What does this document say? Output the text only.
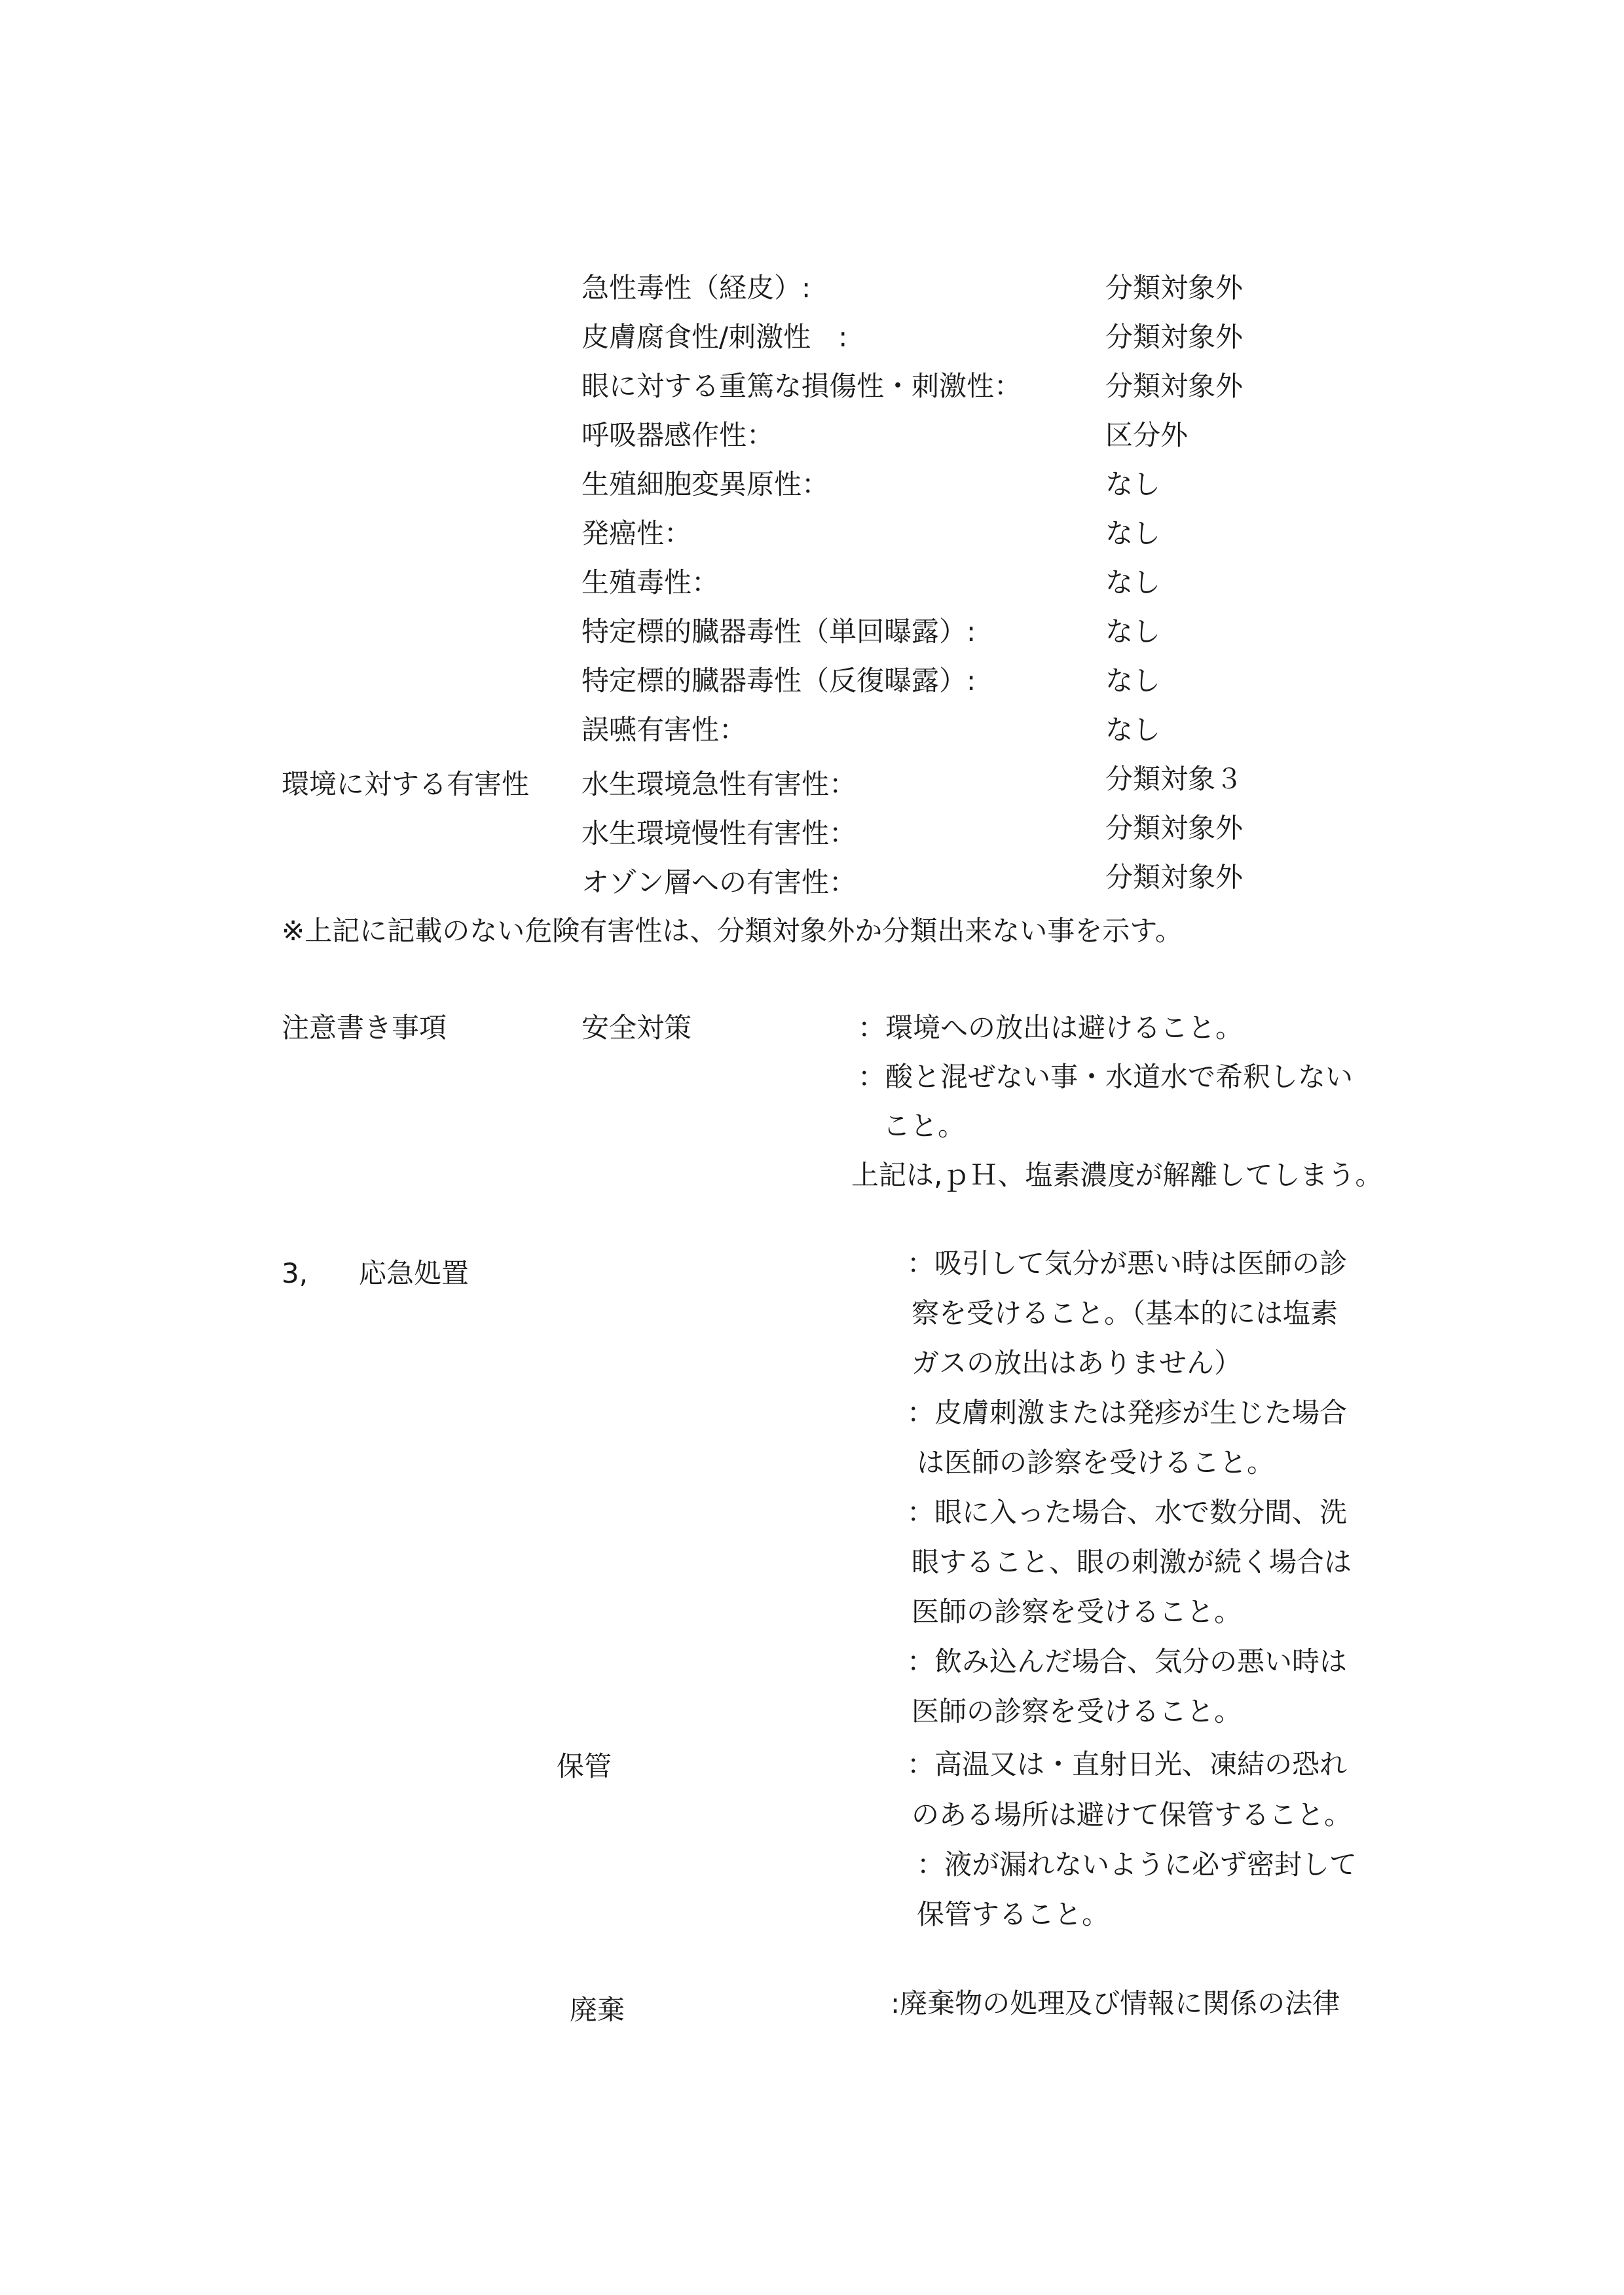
急性毒性（経皮）:	分類対象外
皮膚腐食性/刺激性　:	分類対象外
眼に対する重篤な損傷性・刺激性：	分類対象外
呼吸器感作性：	区分外
生殖細胞変異原性：	なし
発癌性：	なし
生殖毒性：	なし
特定標的臓器毒性（単回曝露）:	なし
特定標的臓器毒性（反復曝露）:	なし
誤嚥有害性：	なし
環境に対する有害性 水生環境急性有害性：	分類対象３
水生環境慢性有害性：	分類対象外
オゾン層への有害性：	分類対象外
※上記に記載のない危険有害性は、分類対象外か分類出来ない事を示す。
注意書き事項	安全対策	：環境への放出は避けること。
：酸と混ぜない事・水道水で希釈しない
こと。
上記は,ｐＨ、塩素濃度が解離してしまう。
3, 応急処置	：吸引して気分が悪い時は医師の診
察を受けること。（基本的には塩素
ガスの放出はありません）
：皮膚刺激または発疹が生じた場合
は医師の診察を受けること。
：眼に入った場合、水で数分間、洗
眼すること、眼の刺激が続く場合は
医師の診察を受けること。
：飲み込んだ場合、気分の悪い時は
医師の診察を受けること。
保管	：高温又は・直射日光、凍結の恐れ
のある場所は避けて保管すること。
：液が漏れないように必ず密封して
保管すること。
廃棄	:廃棄物の処理及び情報に関係の法律
